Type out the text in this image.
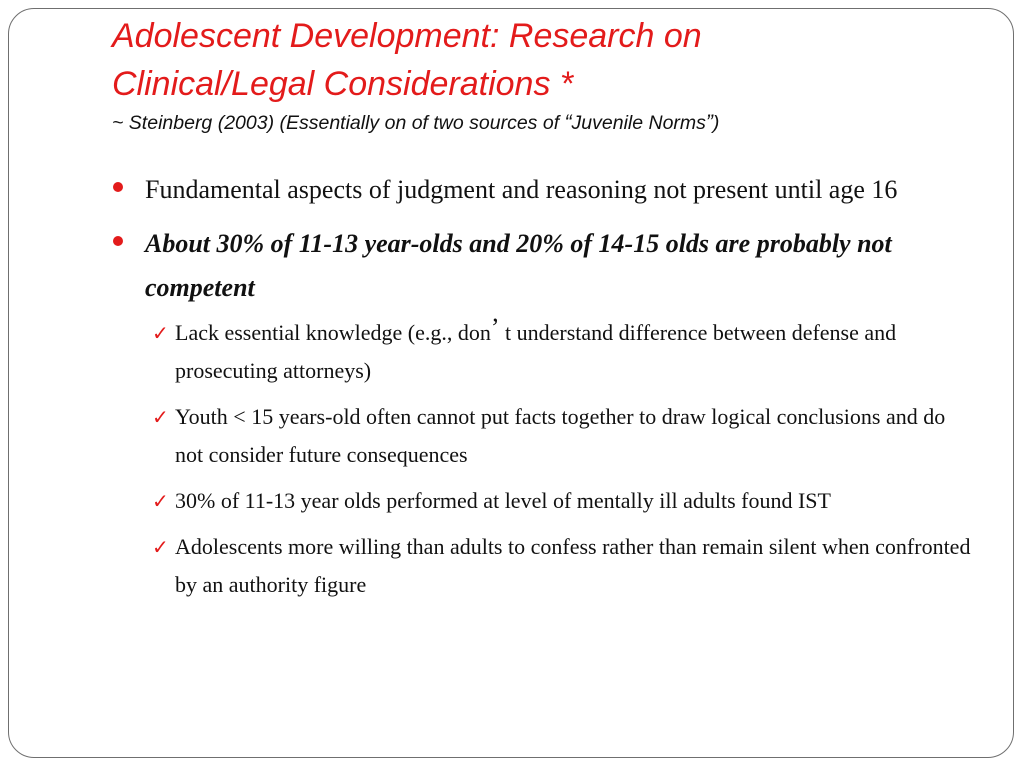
Adolescent Development: Research on
Clinical/Legal Considerations *
~ Steinberg (2003) (Essentially on of two sources of “Juvenile Norms”)
Fundamental aspects of judgment and reasoning not present until age 16
About 30% of 11-13 year-olds and 20% of 14-15 olds are probably not competent
✓ Lack essential knowledge (e.g., don’ t understand difference between defense and prosecuting attorneys)
✓ Youth < 15 years-old often cannot put facts together to draw logical conclusions and do not consider future consequences
✓ 30% of 11-13 year olds performed at level of mentally ill adults found IST
✓ Adolescents more willing than adults to confess rather than remain silent when confronted by an authority figure
